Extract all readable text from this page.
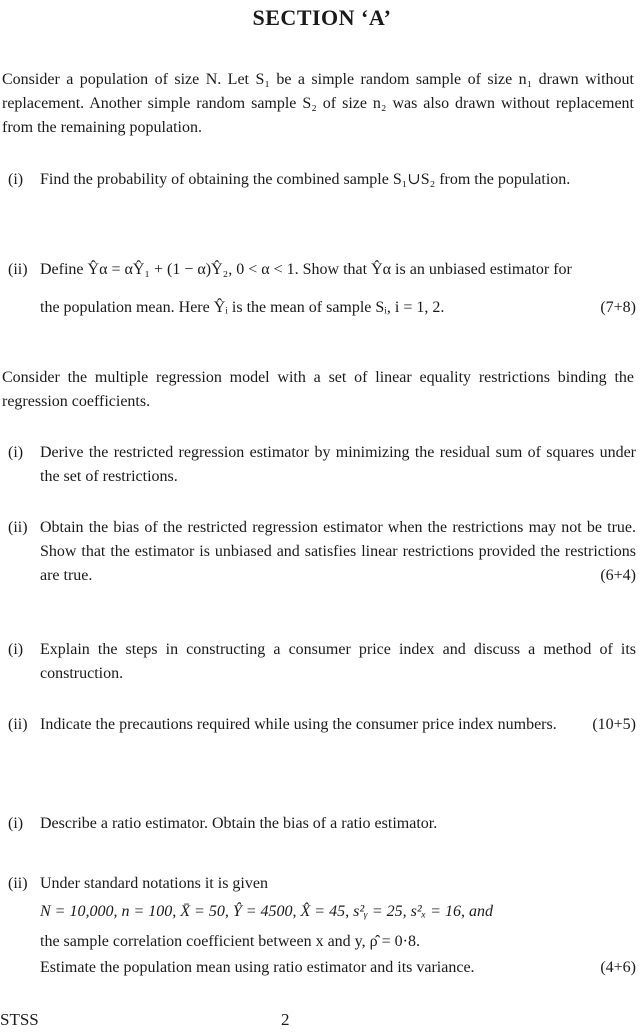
SECTION ‘A’
Consider a population of size N. Let S₁ be a simple random sample of size n₁ drawn without replacement. Another simple random sample S₂ of size n₂ was also drawn without replacement from the remaining population.
(i) Find the probability of obtaining the combined sample S₁∪S₂ from the population.
(ii) Define Ŷα = αŶ₁ + (1 − α)Ŷ₂, 0 < α < 1. Show that Ŷα is an unbiased estimator for
(7+8)
the population mean. Here Ŷᵢ is the mean of sample Sᵢ, i = 1, 2.
Consider the multiple regression model with a set of linear equality restrictions binding the regression coefficients.
(i) Derive the restricted regression estimator by minimizing the residual sum of squares under the set of restrictions.
(ii) Obtain the bias of the restricted regression estimator when the restrictions may not be true. Show that the estimator is unbiased and satisfies linear restrictions provided the restrictions are true.	(6+4)
(i) Explain the steps in constructing a consumer price index and discuss a method of its construction.
(ii) Indicate the precautions required while using the consumer price index numbers. (10+5)
(i) Describe a ratio estimator. Obtain the bias of a ratio estimator.
(ii) Under standard notations it is given
N = 10,000, n = 100, X̄ = 50, Ŷ = 4500, X̂ = 45, s²ᵧ = 25, s²ₓ = 16, and
the sample correlation coefficient between x and y, ρ̂ = 0·8.
(4+6)
Estimate the population mean using ratio estimator and its variance.
STSS	2
